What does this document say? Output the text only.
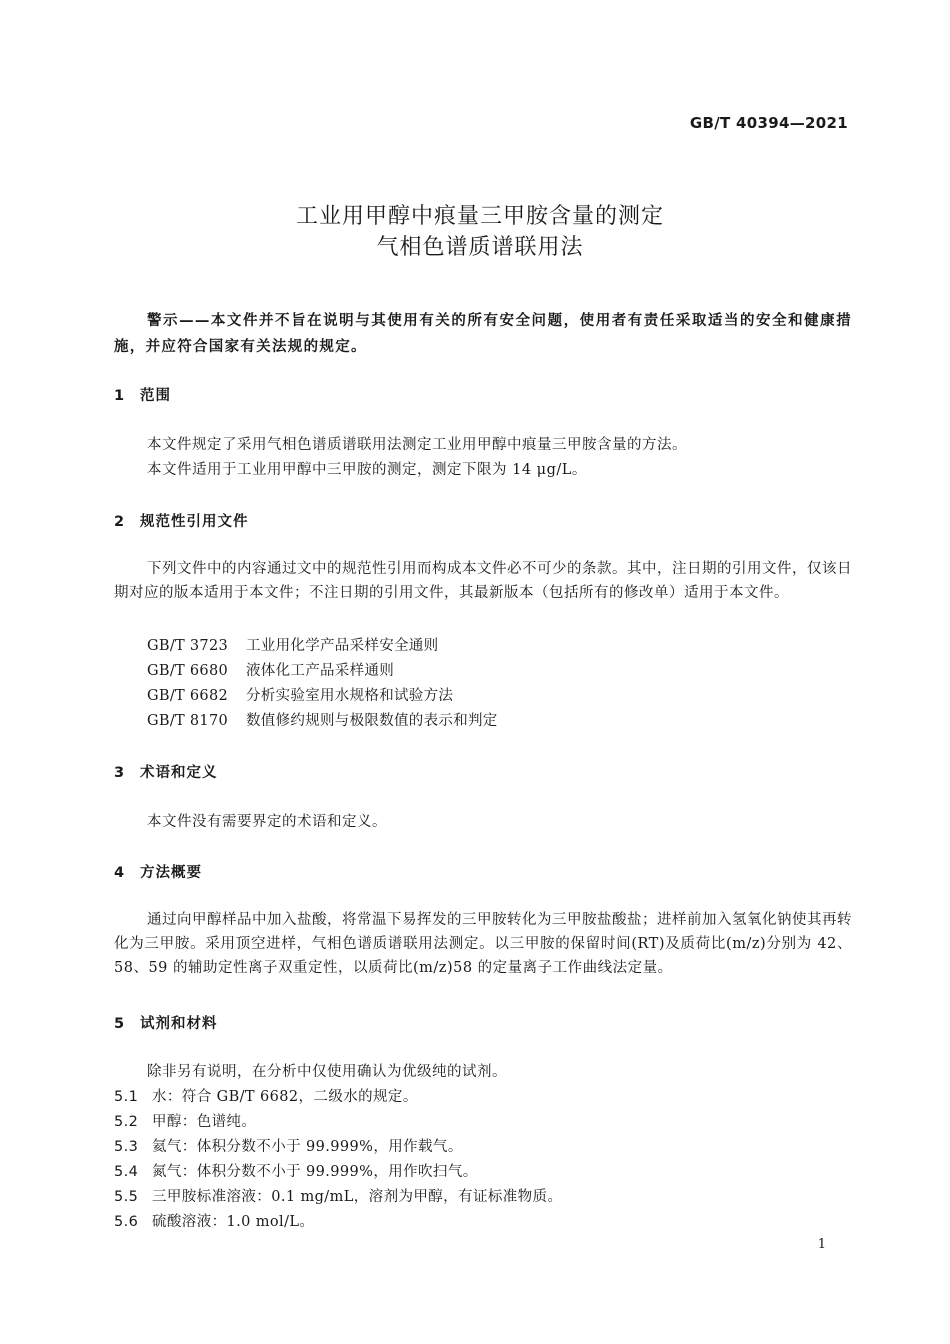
GB/T 40394—2021
工业用甲醇中痕量三甲胺含量的测定
气相色谱质谱联用法
警示——本文件并不旨在说明与其使用有关的所有安全问题，使用者有责任采取适当的安全和健康措施，并应符合国家有关法规的规定。
1 范围
本文件规定了采用气相色谱质谱联用法测定工业用甲醇中痕量三甲胺含量的方法。
本文件适用于工业用甲醇中三甲胺的测定，测定下限为 14 μg/L。
2 规范性引用文件
下列文件中的内容通过文中的规范性引用而构成本文件必不可少的条款。其中，注日期的引用文件，仅该日期对应的版本适用于本文件；不注日期的引用文件，其最新版本（包括所有的修改单）适用于本文件。
GB/T 3723 工业用化学产品采样安全通则
GB/T 6680 液体化工产品采样通则
GB/T 6682 分析实验室用水规格和试验方法
GB/T 8170 数值修约规则与极限数值的表示和判定
3 术语和定义
本文件没有需要界定的术语和定义。
4 方法概要
通过向甲醇样品中加入盐酸，将常温下易挥发的三甲胺转化为三甲胺盐酸盐；进样前加入氢氧化钠使其再转化为三甲胺。采用顶空进样，气相色谱质谱联用法测定。以三甲胺的保留时间(RT)及质荷比(m/z)分别为 42、58、59 的辅助定性离子双重定性，以质荷比(m/z)58 的定量离子工作曲线法定量。
5 试剂和材料
除非另有说明，在分析中仅使用确认为优级纯的试剂。
5.1 水：符合 GB/T 6682，二级水的规定。
5.2 甲醇：色谱纯。
5.3 氦气：体积分数不小于 99.999%，用作载气。
5.4 氮气：体积分数不小于 99.999%，用作吹扫气。
5.5 三甲胺标准溶液：0.1 mg/mL，溶剂为甲醇，有证标准物质。
5.6 硫酸溶液：1.0 mol/L。
1
